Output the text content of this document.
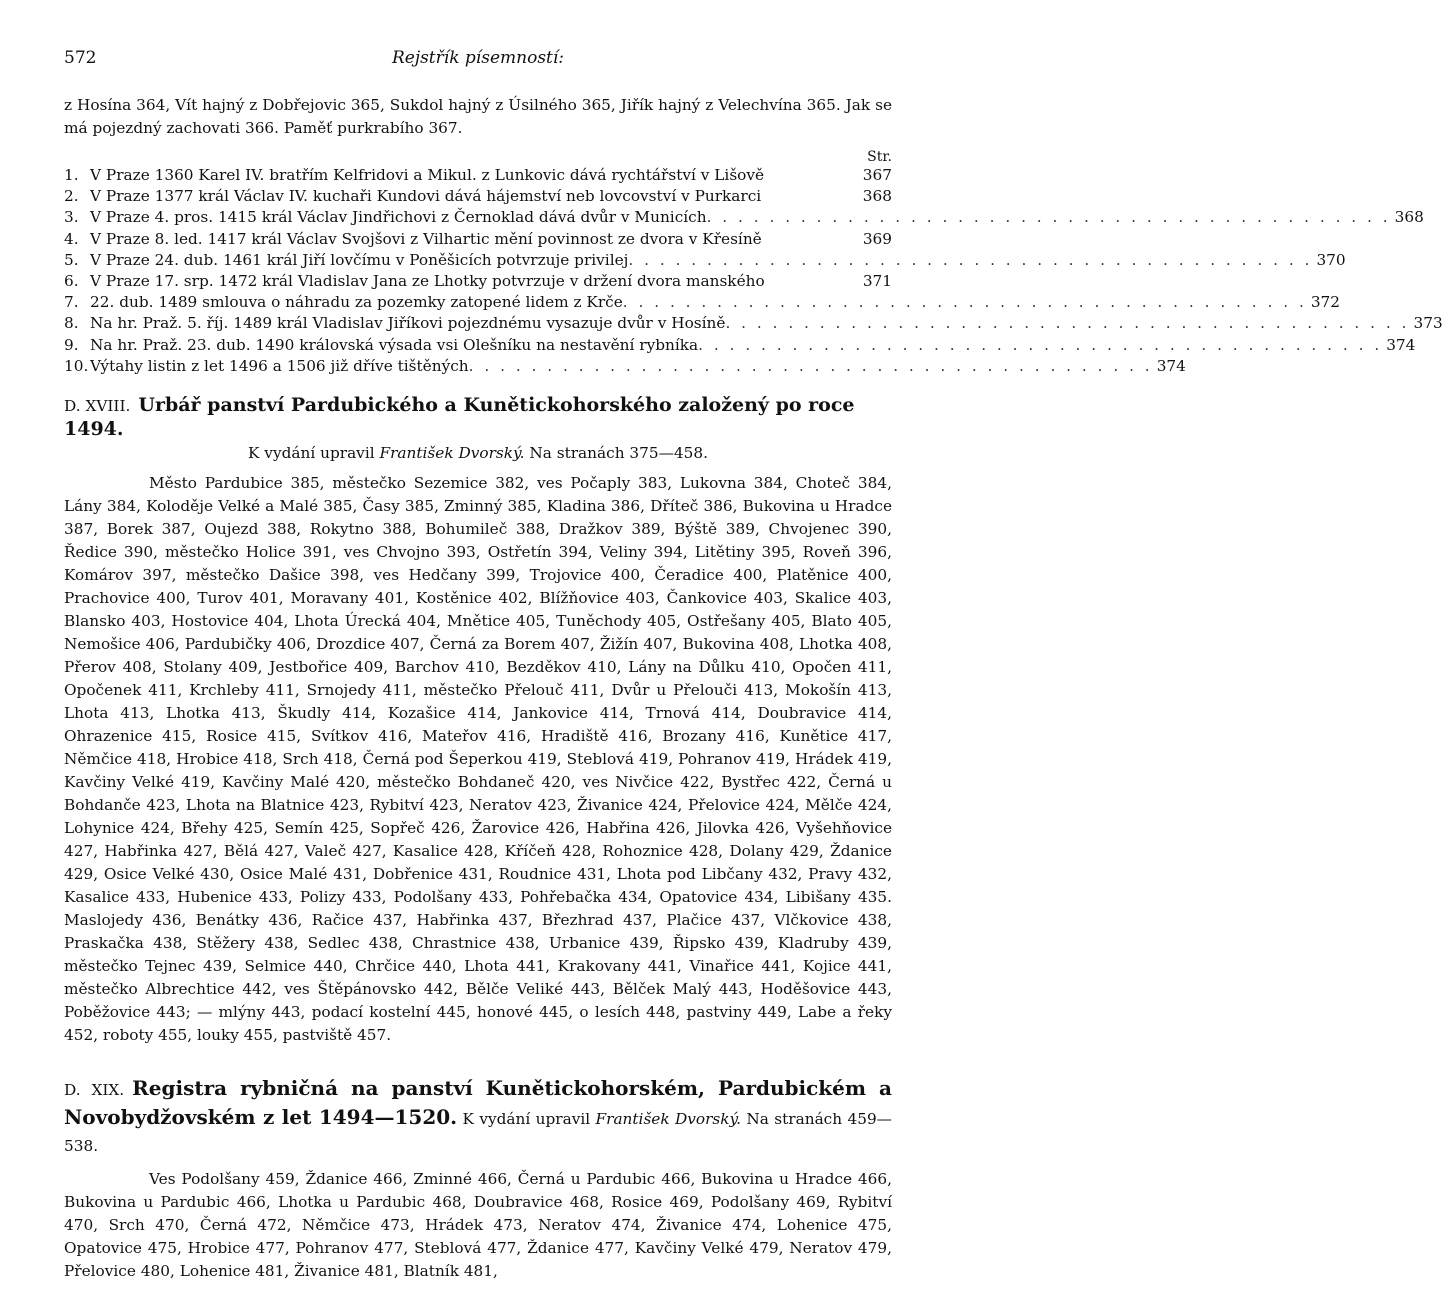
572	Rejstřík písemností:

z Hosína 364, Vít hajný z Dobřejovic 365, Sukdol hajný z Úsilného 365, Jiřík hajný z Velechvína 365. Jak se má pojezdný zachovati 366. Paměť purkrabího 367.

Str.
1. V Praze 1360 Karel IV. bratřím Kelfridovi a Mikul. z Lunkovic dává rychtářství v Lišově	367
2. V Praze 1377 král Václav IV. kuchaři Kundovi dává hájemství neb lovcovství v Purkarci	368
3. V Praze 4. pros. 1415 král Václav Jindřichovi z Černoklad dává dvůr v Municích . . . . . . . . . . . . . . . . . . . . . . . . . . . . . . . . . . . . . . . . . . . . 368
4. V Praze 8. led. 1417 král Václav Svojšovi z Vilhartic mění povinnost ze dvora v Křesíně	369
5. V Praze 24. dub. 1461 král Jiří lovčímu v Poněšicích potvrzuje privilej . . . . . . . . . . . . . . . . . . . . . . . . . . . . . . . . . . . . . . . . . . . . 370
6. V Praze 17. srp. 1472 král Vladislav Jana ze Lhotky potvrzuje v držení dvora manského	371
7. 22. dub. 1489 smlouva o náhradu za pozemky zatopené lidem z Krče . . . . . . . . . . . . . . . . . . . . . . . . . . . . . . . . . . . . . . . . . . . . 372
8. Na hr. Praž. 5. říj. 1489 král Vladislav Jiříkovi pojezdnému vysazuje dvůr v Hosíně . . . . . . . . . . . . . . . . . . . . . . . . . . . . . . . . . . . . . . . . . . . . 373
9. Na hr. Praž. 23. dub. 1490 královská výsada vsi Olešníku na nestavění rybníka . . . . . . . . . . . . . . . . . . . . . . . . . . . . . . . . . . . . . . . . . . . . 374
10. Výtahy listin z let 1496 a 1506 již dříve tištěných . . . . . . . . . . . . . . . . . . . . . . . . . . . . . . . . . . . . . . . . . . . . 374

D. XVIII. Urbář panství Pardubického a Kunětickohorského založený po roce 1494.

K vydání upravil František Dvorský. Na stranách 375—458.

Město Pardubice 385, městečko Sezemice 382, ves Počaply 383, Lukovna 384, Choteč 384, Lány 384, Koloděje Velké a Malé 385, Časy 385, Zminný 385, Kladina 386, Dříteč 386, Bukovina u Hradce 387, Borek 387, Oujezd 388, Rokytno 388, Bohumileč 388, Dražkov 389, Býště 389, Chvojenec 390, Ředice 390, městečko Holice 391, ves Chvojno 393, Ostřetín 394, Veliny 394, Litětiny 395, Roveň 396, Komárov 397, městečko Dašice 398, ves Hedčany 399, Trojovice 400, Čeradice 400, Platěnice 400, Prachovice 400, Turov 401, Moravany 401, Kostěnice 402, Blížňovice 403, Čankovice 403, Skalice 403, Blansko 403, Hostovice 404, Lhota Úrecká 404, Mnětice 405, Tuněchody 405, Ostřešany 405, Blato 405, Nemošice 406, Pardubičky 406, Drozdice 407, Černá za Borem 407, Žižín 407, Bukovina 408, Lhotka 408, Přerov 408, Stolany 409, Jestbořice 409, Barchov 410, Bezděkov 410, Lány na Důlku 410, Opočen 411, Opočenek 411, Krchleby 411, Srnojedy 411, městečko Přelouč 411, Dvůr u Přelouči 413, Mokošín 413, Lhota 413, Lhotka 413, Škudly 414, Kozašice 414, Jankovice 414, Trnová 414, Doubravice 414, Ohrazenice 415, Rosice 415, Svítkov 416, Mateřov 416, Hradiště 416, Brozany 416, Kunětice 417, Němčice 418, Hrobice 418, Srch 418, Černá pod Šeperkou 419, Steblová 419, Pohranov 419, Hrádek 419, Kavčiny Velké 419, Kavčiny Malé 420, městečko Bohdaneč 420, ves Nivčice 422, Bystřec 422, Černá u Bohdanče 423, Lhota na Blatnice 423, Rybitví 423, Neratov 423, Živanice 424, Přelovice 424, Mělče 424, Lohynice 424, Břehy 425, Semín 425, Sopřeč 426, Žarovice 426, Habřina 426, Jilovka 426, Vyšehňovice 427, Habřinka 427, Bělá 427, Valeč 427, Kasalice 428, Kříčeň 428, Rohoznice 428, Dolany 429, Ždanice 429, Osice Velké 430, Osice Malé 431, Dobřenice 431, Roudnice 431, Lhota pod Libčany 432, Pravy 432, Kasalice 433, Hubenice 433, Polizy 433, Podolšany 433, Pohřebačka 434, Opatovice 434, Libišany 435. Maslojedy 436, Benátky 436, Račice 437, Habřinka 437, Březhrad 437, Plačice 437, Vlčkovice 438, Praskačka 438, Stěžery 438, Sedlec 438, Chrastnice 438, Urbanice 439, Řipsko 439, Kladruby 439, městečko Tejnec 439, Selmice 440, Chrčice 440, Lhota 441, Krakovany 441, Vinařice 441, Kojice 441, městečko Albrechtice 442, ves Štěpánovsko 442, Bělče Veliké 443, Bělček Malý 443, Hoděšovice 443, Poběžovice 443; — mlýny 443, podací kostelní 445, honové 445, o lesích 448, pastviny 449, Labe a řeky 452, roboty 455, louky 455, pastviště 457.

D. XIX. Registra rybničná na panství Kunětickohorském, Pardubickém a Novobydžovském z let 1494—1520. K vydání upravil František Dvorský. Na stranách 459—538.

Ves Podolšany 459, Ždanice 466, Zminné 466, Černá u Pardubic 466, Bukovina u Hradce 466, Bukovina u Pardubic 466, Lhotka u Pardubic 468, Doubravice 468, Rosice 469, Podolšany 469, Rybitví 470, Srch 470, Černá 472, Němčice 473, Hrádek 473, Neratov 474, Živanice 474, Lohenice 475, Opatovice 475, Hrobice 477, Pohranov 477, Steblová 477, Ždanice 477, Kavčiny Velké 479, Neratov 479, Přelovice 480, Lohenice 481, Živanice 481, Blatník 481,
